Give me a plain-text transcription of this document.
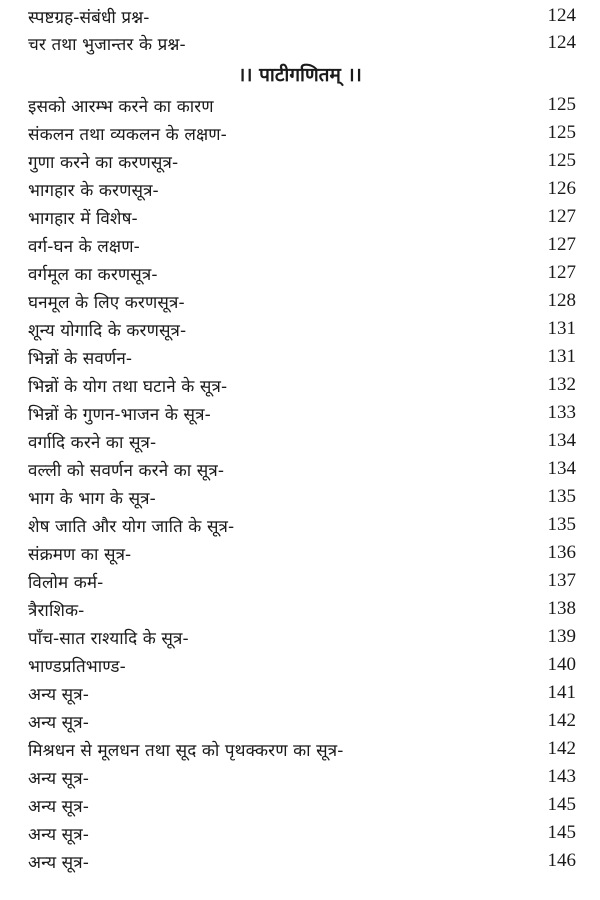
स्पष्टग्रह-संबंधी प्रश्न-	124
चर तथा भुजान्तर के प्रश्न-	124
।। पाटीगणितम् ।।
इसको आरम्भ करने का कारण	125
संकलन तथा व्यकलन के लक्षण-	125
गुणा करने का करणसूत्र-	125
भागहार के करणसूत्र-	126
भागहार में विशेष-	127
वर्ग-घन के लक्षण-	127
वर्गमूल का करणसूत्र-	127
घनमूल के लिए करणसूत्र-	128
शून्य योगादि के करणसूत्र-	131
भिन्नों के सवर्णन-	131
भिन्नों के योग तथा घटाने के सूत्र-	132
भिन्नों के गुणन-भाजन के सूत्र-	133
वर्गादि करने का सूत्र-	134
वल्ली को सवर्णन करने का सूत्र-	134
भाग के भाग के सूत्र-	135
शेष जाति और योग जाति के सूत्र-	135
संक्रमण का सूत्र-	136
विलोम कर्म-	137
त्रैराशिक-	138
पाँच-सात राश्यादि के सूत्र-	139
भाण्डप्रतिभाण्ड-	140
अन्य सूत्र-	141
अन्य सूत्र-	142
मिश्रधन से मूलधन तथा सूद को पृथक्करण का सूत्र-	142
अन्य सूत्र-	143
अन्य सूत्र-	145
अन्य सूत्र-	145
अन्य सूत्र-	146
